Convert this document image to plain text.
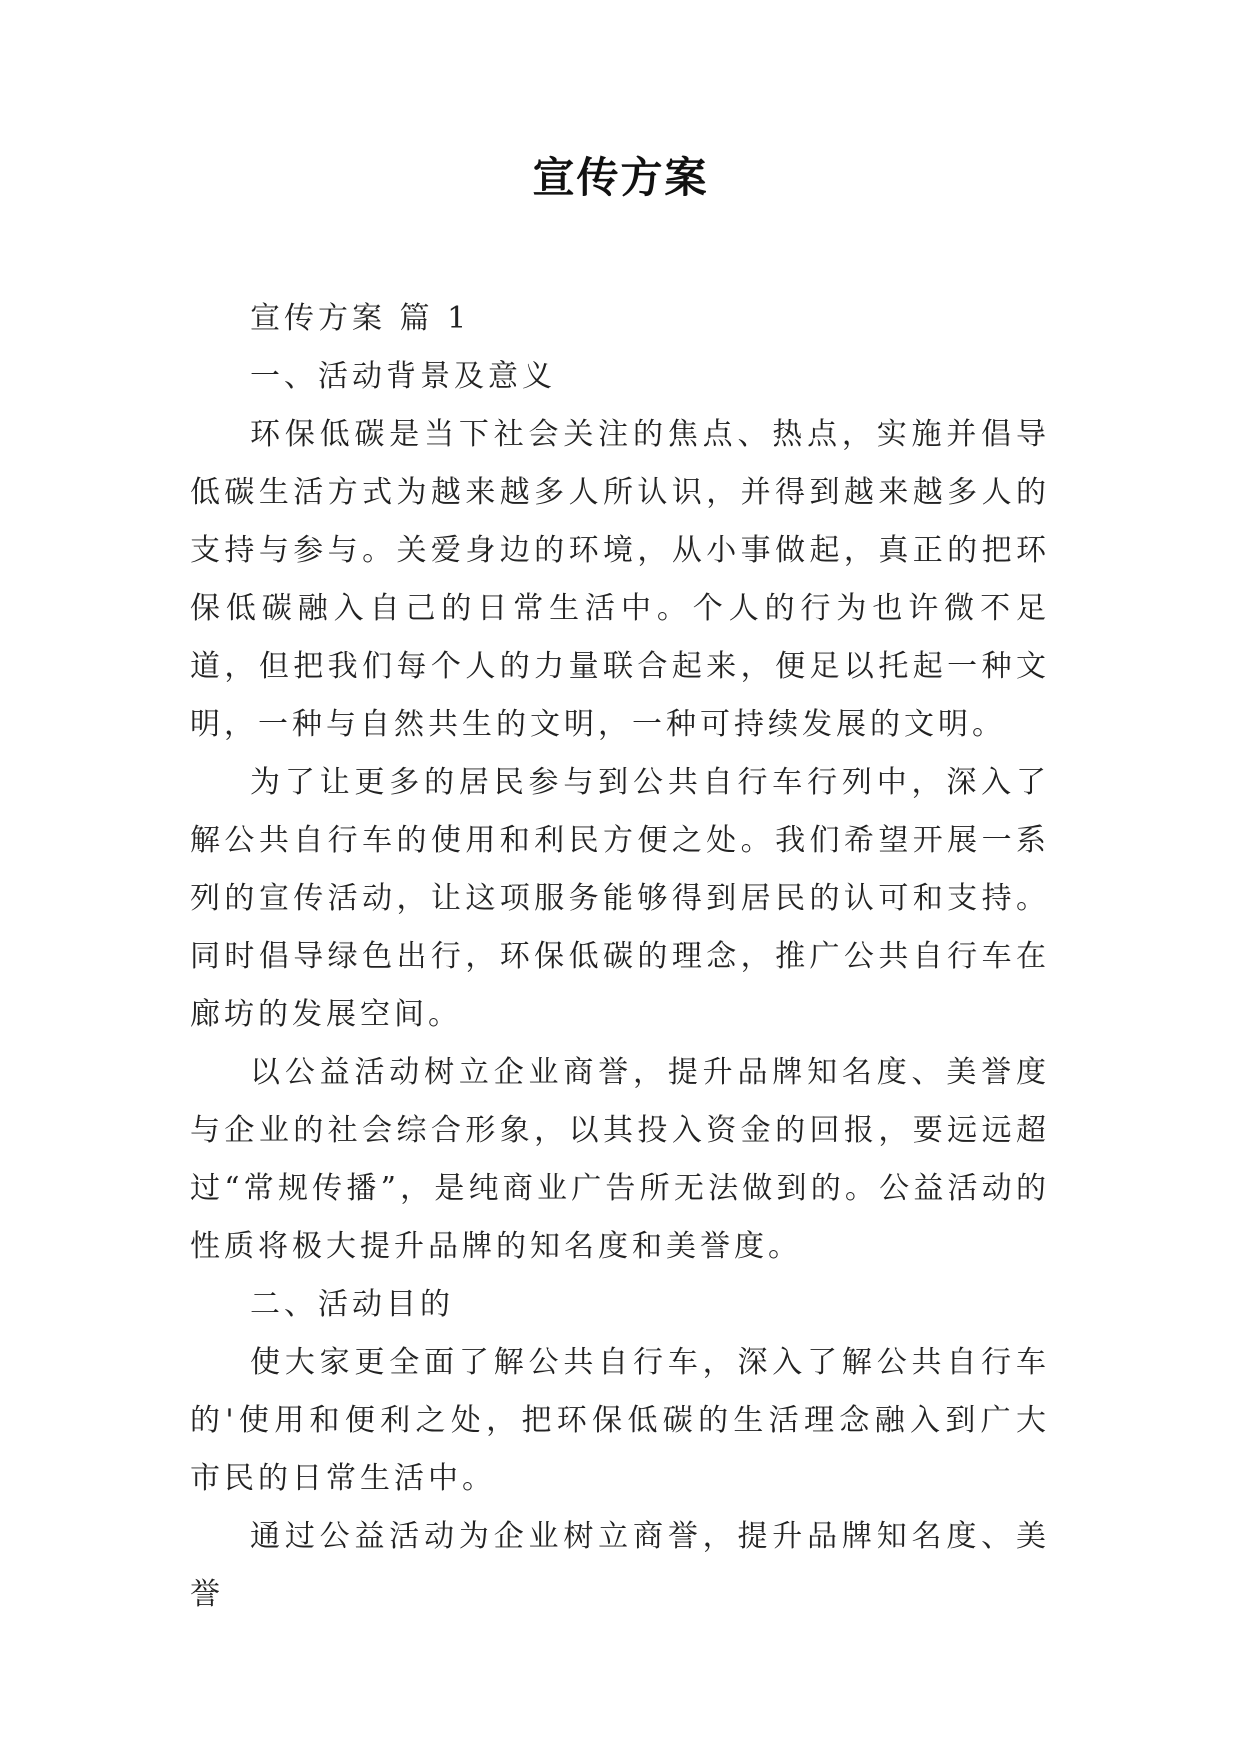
宣传方案

宣传方案 篇 1

一、活动背景及意义

环保低碳是当下社会关注的焦点、热点，实施并倡导低碳生活方式为越来越多人所认识，并得到越来越多人的支持与参与。关爱身边的环境，从小事做起，真正的把环保低碳融入自己的日常生活中。个人的行为也许微不足道，但把我们每个人的力量联合起来，便足以托起一种文明，一种与自然共生的文明，一种可持续发展的文明。

为了让更多的居民参与到公共自行车行列中，深入了解公共自行车的使用和利民方便之处。我们希望开展一系列的宣传活动，让这项服务能够得到居民的认可和支持。同时倡导绿色出行，环保低碳的理念，推广公共自行车在廊坊的发展空间。

以公益活动树立企业商誉，提升品牌知名度、美誉度与企业的社会综合形象，以其投入资金的回报，要远远超过“常规传播”，是纯商业广告所无法做到的。公益活动的性质将极大提升品牌的知名度和美誉度。

二、活动目的

使大家更全面了解公共自行车，深入了解公共自行车的'使用和便利之处，把环保低碳的生活理念融入到广大市民的日常生活中。

通过公益活动为企业树立商誉，提升品牌知名度、美誉
